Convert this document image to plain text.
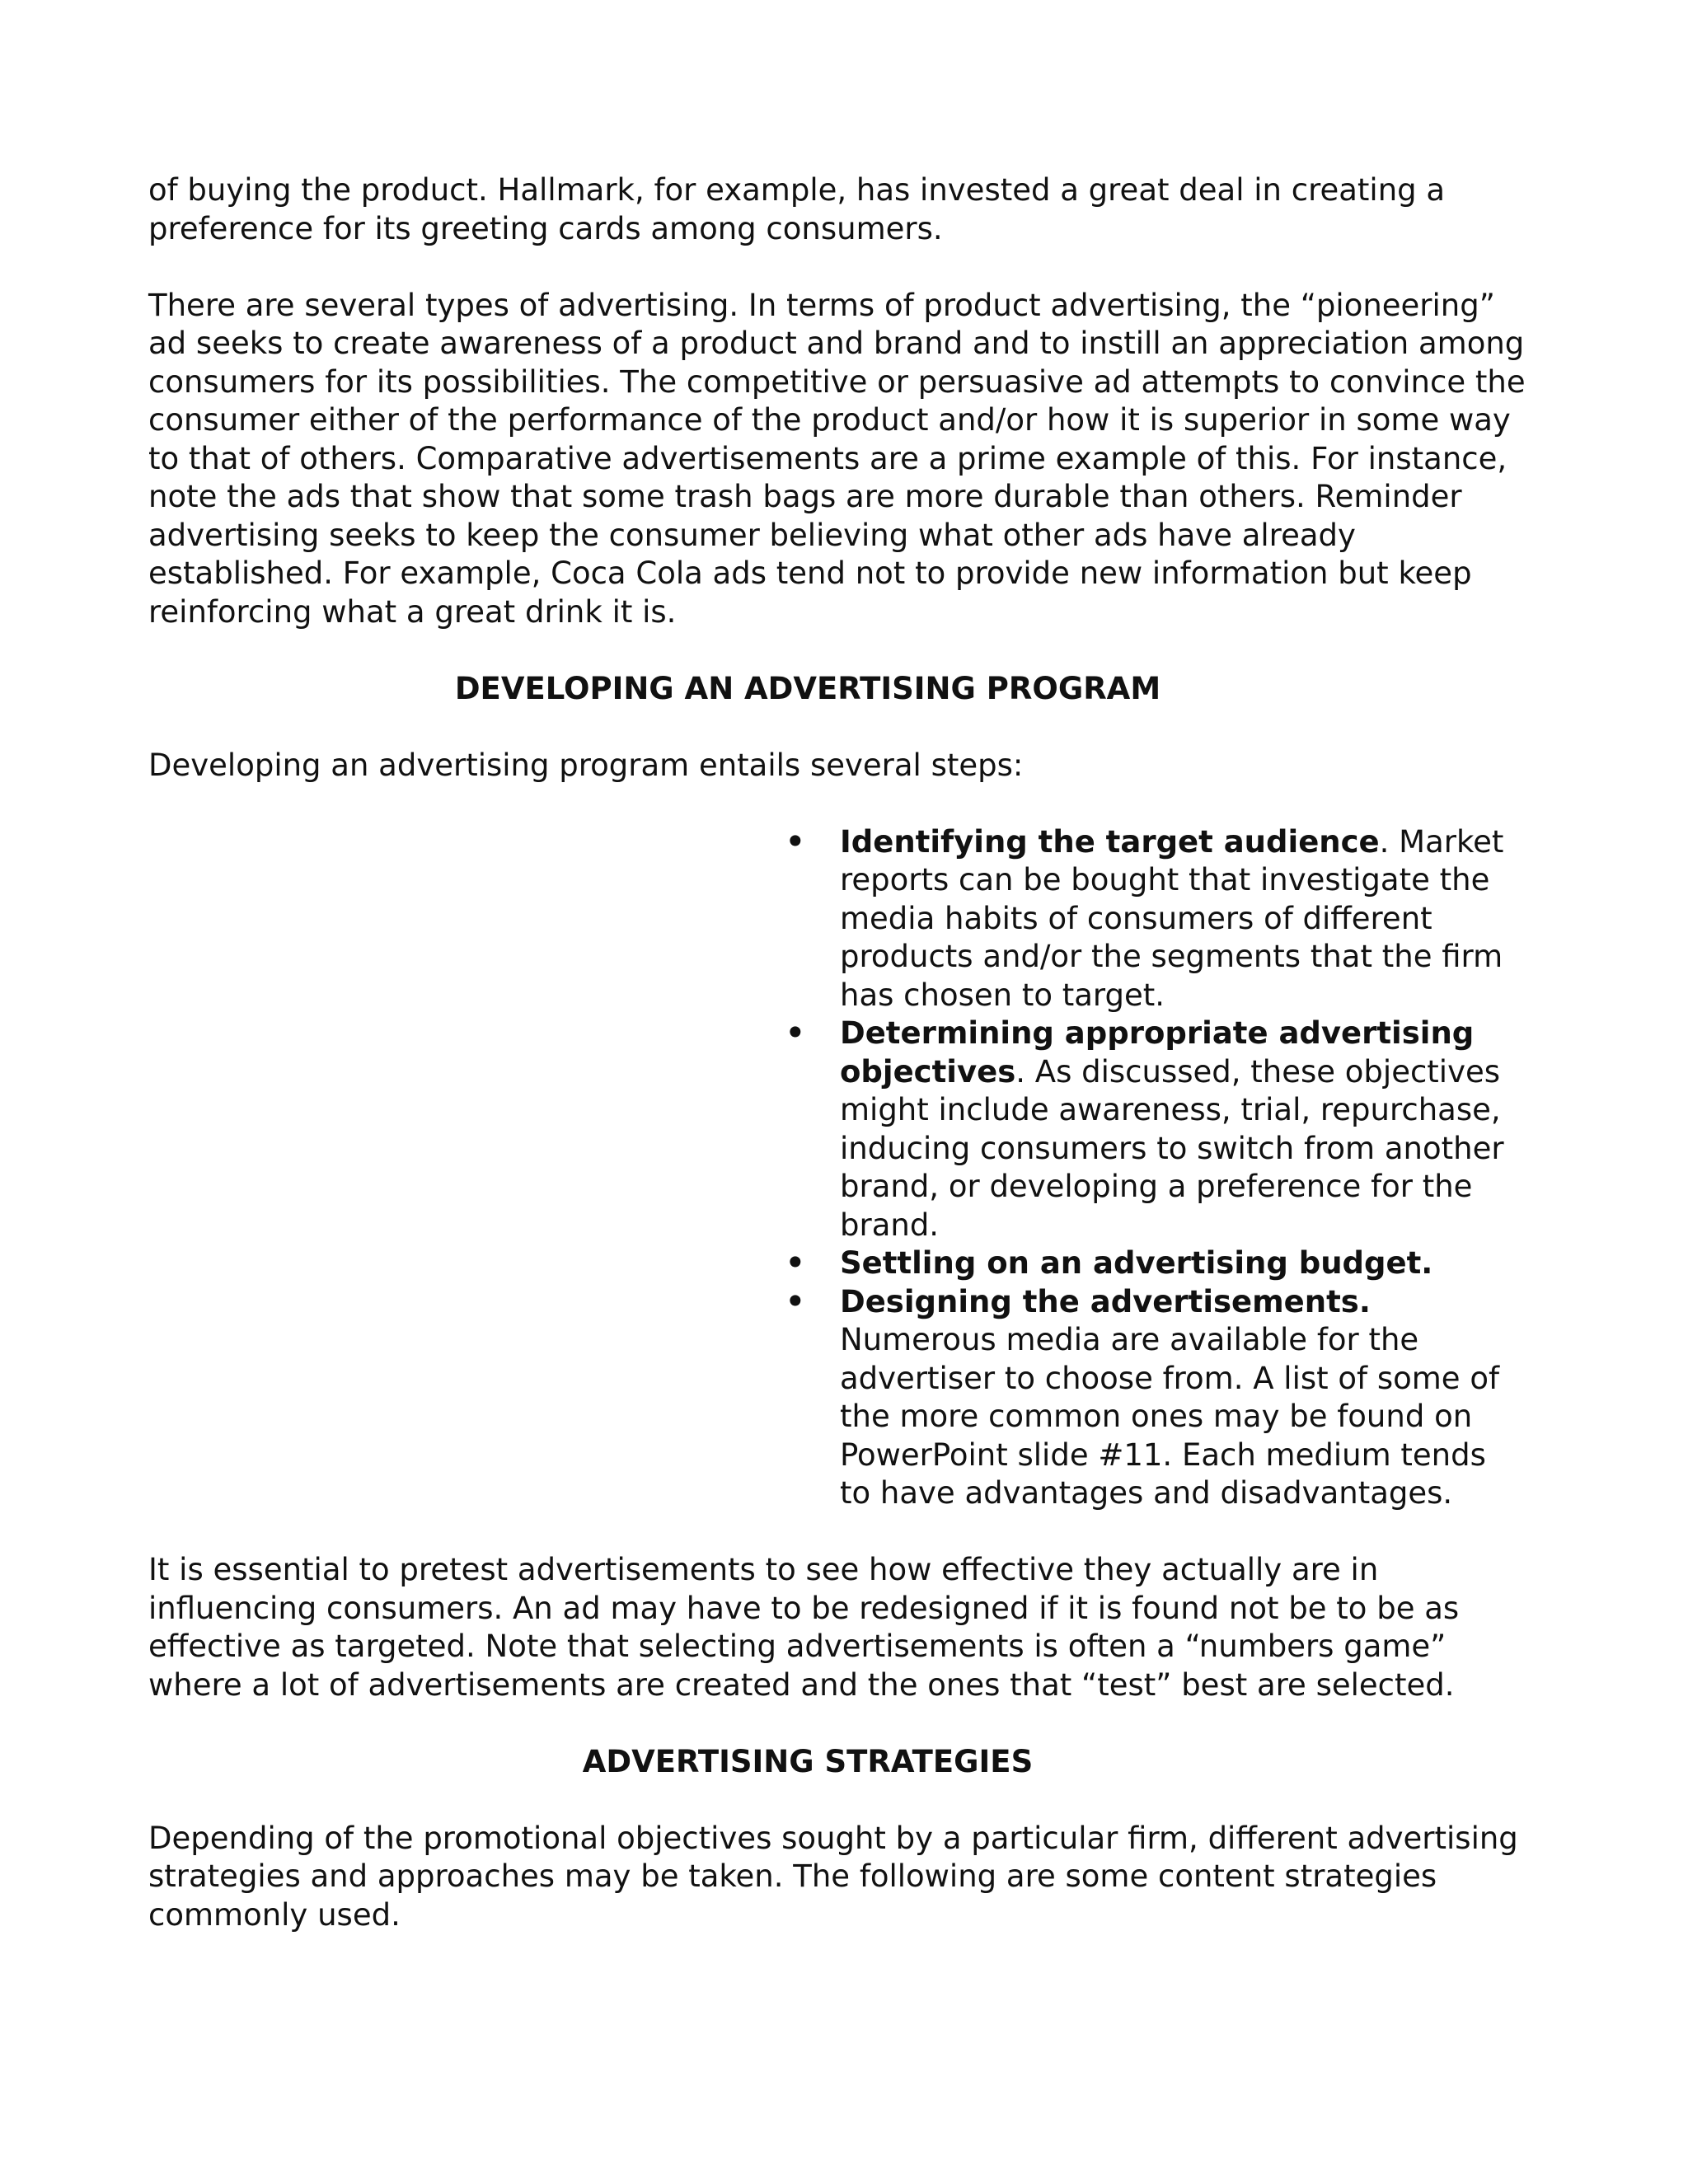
of buying the product. Hallmark, for example, has invested a great deal in creating a preference for its greeting cards among consumers.

There are several types of advertising. In terms of product advertising, the “pioneering” ad seeks to create awareness of a product and brand and to instill an appreciation among consumers for its possibilities. The competitive or persuasive ad attempts to convince the consumer either of the performance of the product and/or how it is superior in some way to that of others. Comparative advertisements are a prime example of this. For instance, note the ads that show that some trash bags are more durable than others. Reminder advertising seeks to keep the consumer believing what other ads have already established. For example, Coca Cola ads tend not to provide new information but keep reinforcing what a great drink it is.

DEVELOPING AN ADVERTISING PROGRAM

Developing an advertising program entails several steps:

•	Identifying the target audience. Market reports can be bought that investigate the media habits of consumers of different products and/or the segments that the firm has chosen to target.
•	Determining appropriate advertising objectives. As discussed, these objectives might include awareness, trial, repurchase, inducing consumers to switch from another brand, or developing a preference for the brand.
•	Settling on an advertising budget.
•	Designing the advertisements. Numerous media are available for the advertiser to choose from. A list of some of the more common ones may be found on PowerPoint slide #11. Each medium tends to have advantages and disadvantages.

It is essential to pretest advertisements to see how effective they actually are in influencing consumers. An ad may have to be redesigned if it is found not be to be as effective as targeted. Note that selecting advertisements is often a “numbers game” where a lot of advertisements are created and the ones that “test” best are selected.

ADVERTISING STRATEGIES

Depending of the promotional objectives sought by a particular firm, different advertising strategies and approaches may be taken. The following are some content strategies commonly used.
